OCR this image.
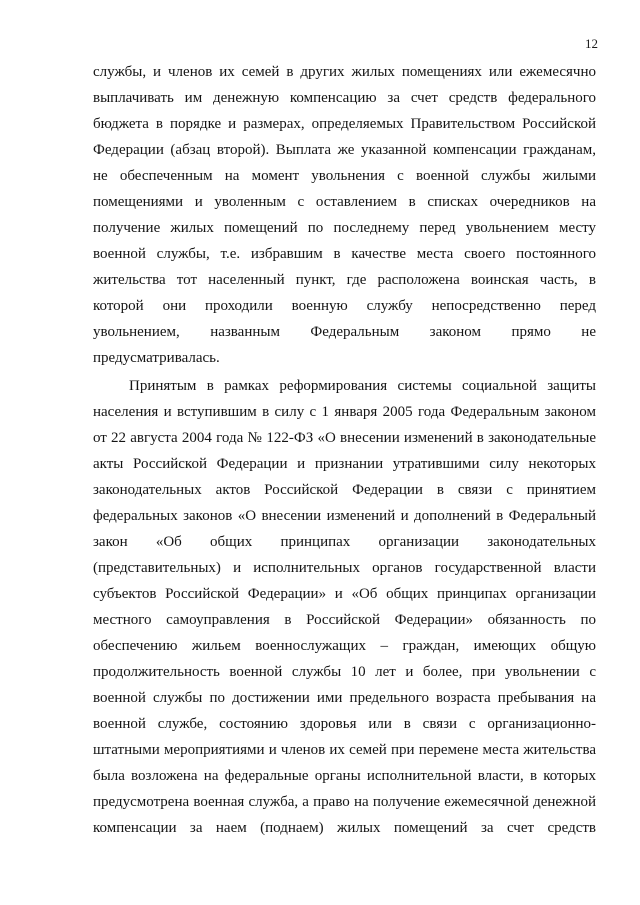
12
службы, и членов их семей в других жилых помещениях или ежемесячно
выплачивать им денежную компенсацию за счет средств федерального
бюджета в порядке и размерах, определяемых Правительством Российской
Федерации (абзац второй). Выплата же указанной компенсации гражданам,
не обеспеченным на момент увольнения с военной службы жилыми
помещениями и уволенным с оставлением в списках очередников на
получение жилых помещений по последнему перед увольнением месту
военной службы, т.е. избравшим в качестве места своего постоянного
жительства тот населенный пункт, где расположена воинская часть, в
которой они проходили военную службу непосредственно перед
увольнением, названным Федеральным законом прямо не
предусматривалась.
Принятым в рамках реформирования системы социальной защиты
населения и вступившим в силу с 1 января 2005 года Федеральным законом
от 22 августа 2004 года № 122-ФЗ «О внесении изменений в законодательные
акты Российской Федерации и признании утратившими силу некоторых
законодательных актов Российской Федерации в связи с принятием
федеральных законов «О внесении изменений и дополнений в Федеральный
закон «Об общих принципах организации законодательных
(представительных) и исполнительных органов государственной власти
субъектов Российской Федерации» и «Об общих принципах организации
местного самоуправления в Российской Федерации» обязанность по
обеспечению жильем военнослужащих – граждан, имеющих общую
продолжительность военной службы 10 лет и более, при увольнении с
военной службы по достижении ими предельного возраста пребывания на
военной службе, состоянию здоровья или в связи с организационно-
штатными мероприятиями и членов их семей при перемене места жительства
была возложена на федеральные органы исполнительной власти, в которых
предусмотрена военная служба, а право на получение ежемесячной денежной
компенсации за наем (поднаем) жилых помещений за счет средств
